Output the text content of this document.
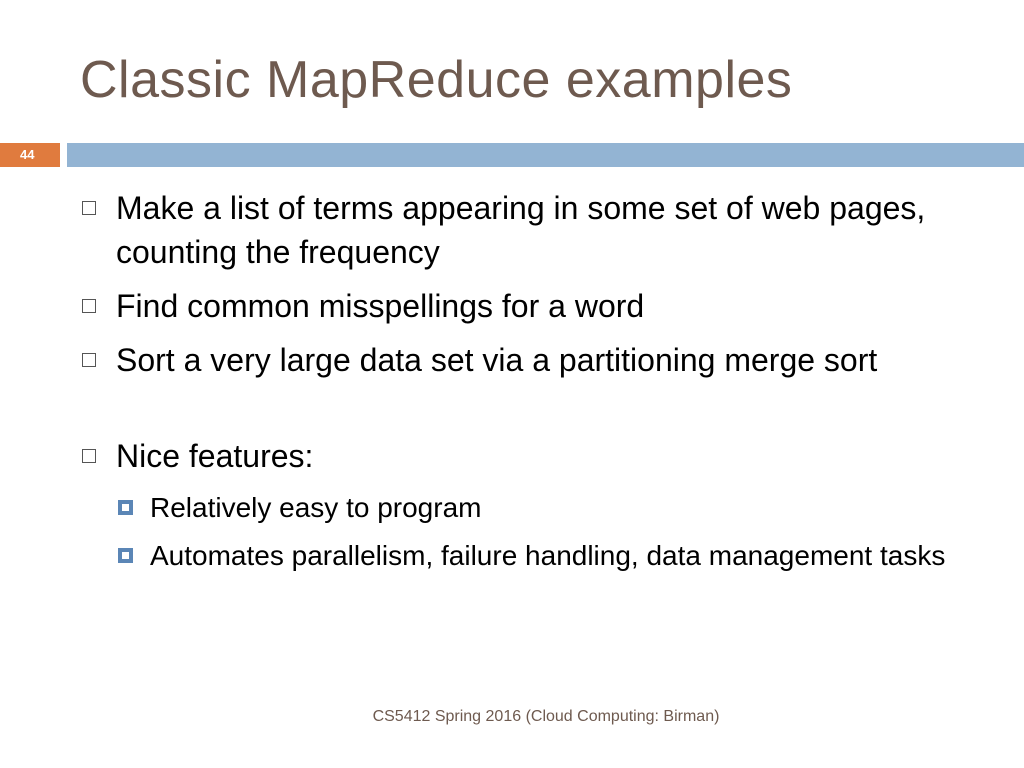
Classic MapReduce examples
44
Make a list of terms appearing in some set of web pages, counting the frequency
Find common misspellings for a word
Sort a very large data set via a partitioning merge sort
Nice features:
Relatively easy to program
Automates parallelism, failure handling, data management tasks
CS5412 Spring 2016 (Cloud Computing: Birman)
